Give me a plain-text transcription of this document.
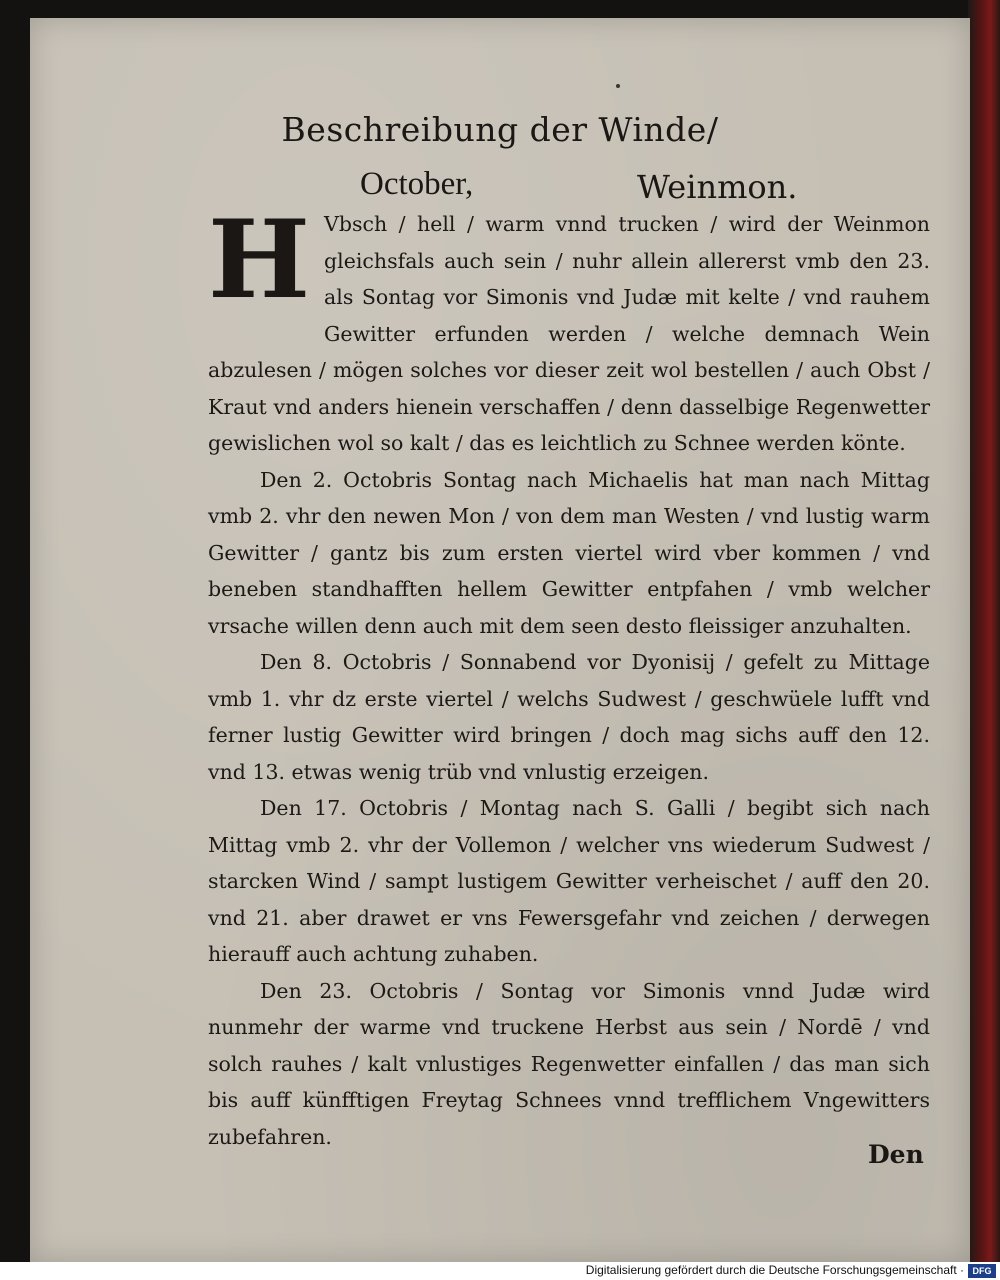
Beschreibung der Winde/
October,	Weinmon.

H Vbsch / hell / warm vnnd trucken / wird der Weinmon gleichsfals auch sein / nuhr allein allererst vmb den 23. als Sontag vor Simonis vnd Judæ mit kelte / vnd rauhem Gewitter erfunden werden / welche demnach Wein abzulesen / mögen solches vor dieser zeit wol bestellen / auch Obst / Kraut vnd anders hienein verschaffen / denn dasselbige Regenwetter gewislichen wol so kalt / das es leichtlich zu Schnee werden könte.

Den 2. Octobris Sontag nach Michaelis hat man nach Mittag vmb 2. vhr den newen Mon / von dem man Westen / vnd lustig warm Gewitter / gantz bis zum ersten viertel wird vber kommen / vnd beneben standhafften hellem Gewitter entpfahen / vmb welcher vrsache willen denn auch mit dem seen desto fleissiger anzuhalten.

Den 8. Octobris / Sonnabend vor Dyonisij / gefelt zu Mittage vmb 1. vhr dz erste viertel / welchs Sudwest / geschwüele lufft vnd ferner lustig Gewitter wird bringen / doch mag sichs auff den 12. vnd 13. etwas wenig trüb vnd vnlustig erzeigen.

Den 17. Octobris / Montag nach S. Galli / begibt sich nach Mittag vmb 2. vhr der Vollemon / welcher vns wiederum Sudwest / starcken Wind / sampt lustigem Gewitter verheischet / auff den 20. vnd 21. aber drawet er vns Fewersgefahr vnd zeichen / derwegen hierauff auch achtung zuhaben.

Den 23. Octobris / Sontag vor Simonis vnnd Judæ wird nunmehr der warme vnd truckene Herbst aus sein / Nordē / vnd solch rauhes / kalt vnlustiges Regenwetter einfallen / das man sich bis auff künfftigen Freytag Schnees vnnd trefflichem Vngewitters zubefahren.

Den
Digitalisierung gefördert durch die Deutsche Forschungsgemeinschaft · DFG
